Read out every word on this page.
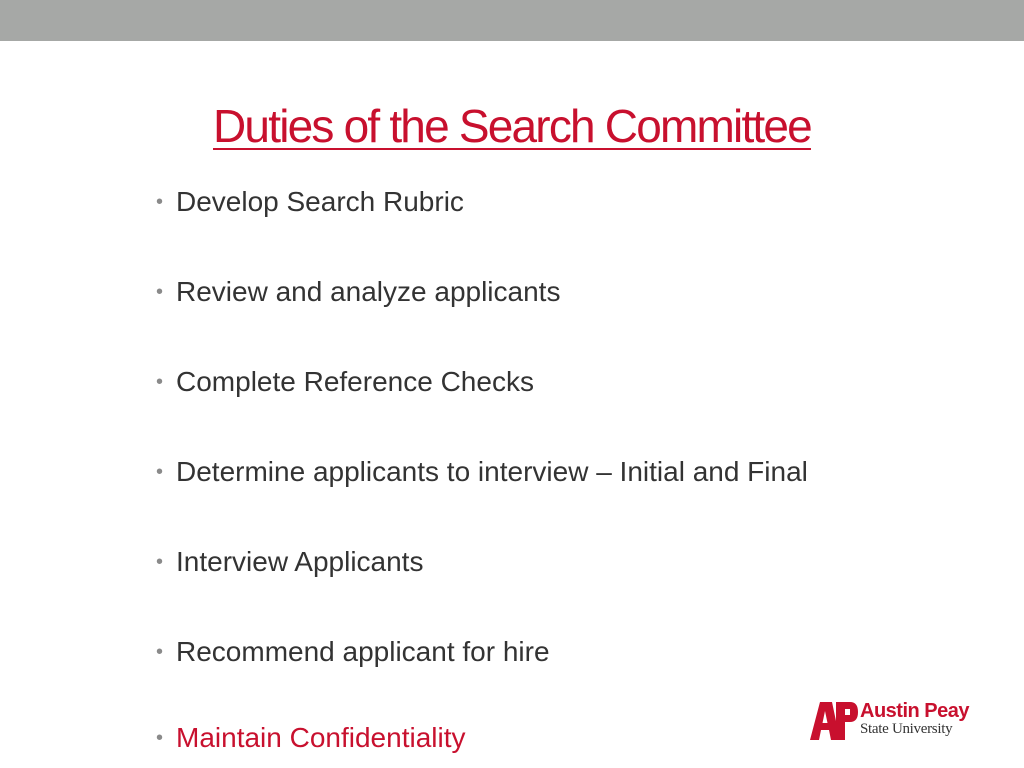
Duties of the Search Committee
• Develop Search Rubric
• Review and analyze applicants
• Complete Reference Checks
• Determine applicants to interview – Initial and Final
• Interview Applicants
• Recommend applicant for hire
• Maintain Confidentiality
Austin Peay
State University
